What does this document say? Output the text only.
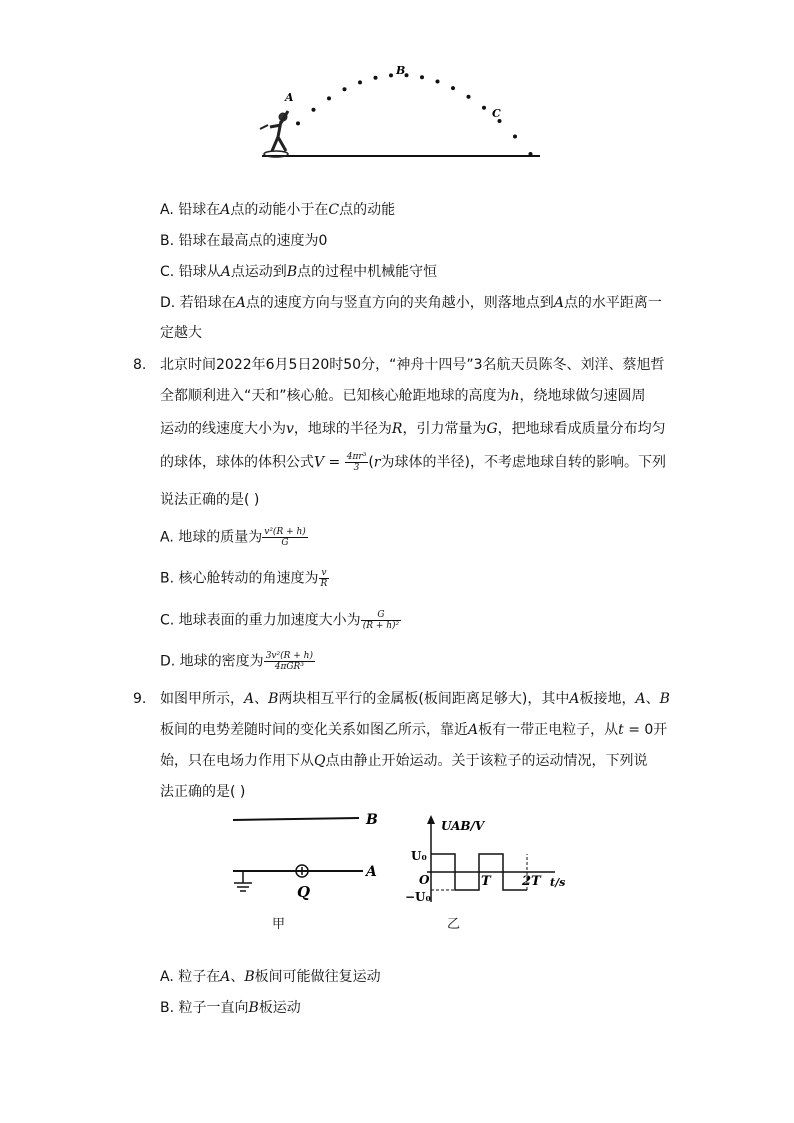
A
B
C
A. 铅球在A点的动能小于在C点的动能
B. 铅球在最高点的速度为0
C. 铅球从A点运动到B点的过程中机械能守恒
D. 若铅球在A点的速度方向与竖直方向的夹角越小，则落地点到A点的水平距离一
定越大
8. 北京时间2022年6月5日20时50分，“神舟十四号”3名航天员陈冬、刘洋、蔡旭哲
全都顺利进入“天和”核心舱。已知核心舱距地球的高度为h，绕地球做匀速圆周
运动的线速度大小为v，地球的半径为R，引力常量为G，把地球看成质量分布均匀
的球体，球体的体积公式$V = \frac{\text{4πr³}}{3} (r$为球体的半径)，不考虑地球自转的影响。下列
说法正确的是( )
A. 地球的质量为 $\frac{\text{v²(R + h)}}{G}$
B. 核心舱转动的角速度为 $\frac{v}{R}$
C. 地球表面的重力加速度大小为 $\frac{G}{\text{(R + h)²}}$
D. 地球的密度为 $\frac{\text{3v²(R + h)}}{\text{4πGR³}}$
9. 如图甲所示，A、B两块相互平行的金属板(板间距离足够大)，其中A板接地，A、B
板间的电势差随时间的变化关系如图乙所示，靠近A板有一带正电粒子，从t = 0开
始，只在电场力作用下从Q点由静止开始运动。关于该粒子的运动情况，下列说
法正确的是( )
B
A
Q
甲
UAB/V
U₀
O
−U₀
T 2T t/s
乙
A. 粒子在A、B板间可能做往复运动
B. 粒子一直向B板运动
